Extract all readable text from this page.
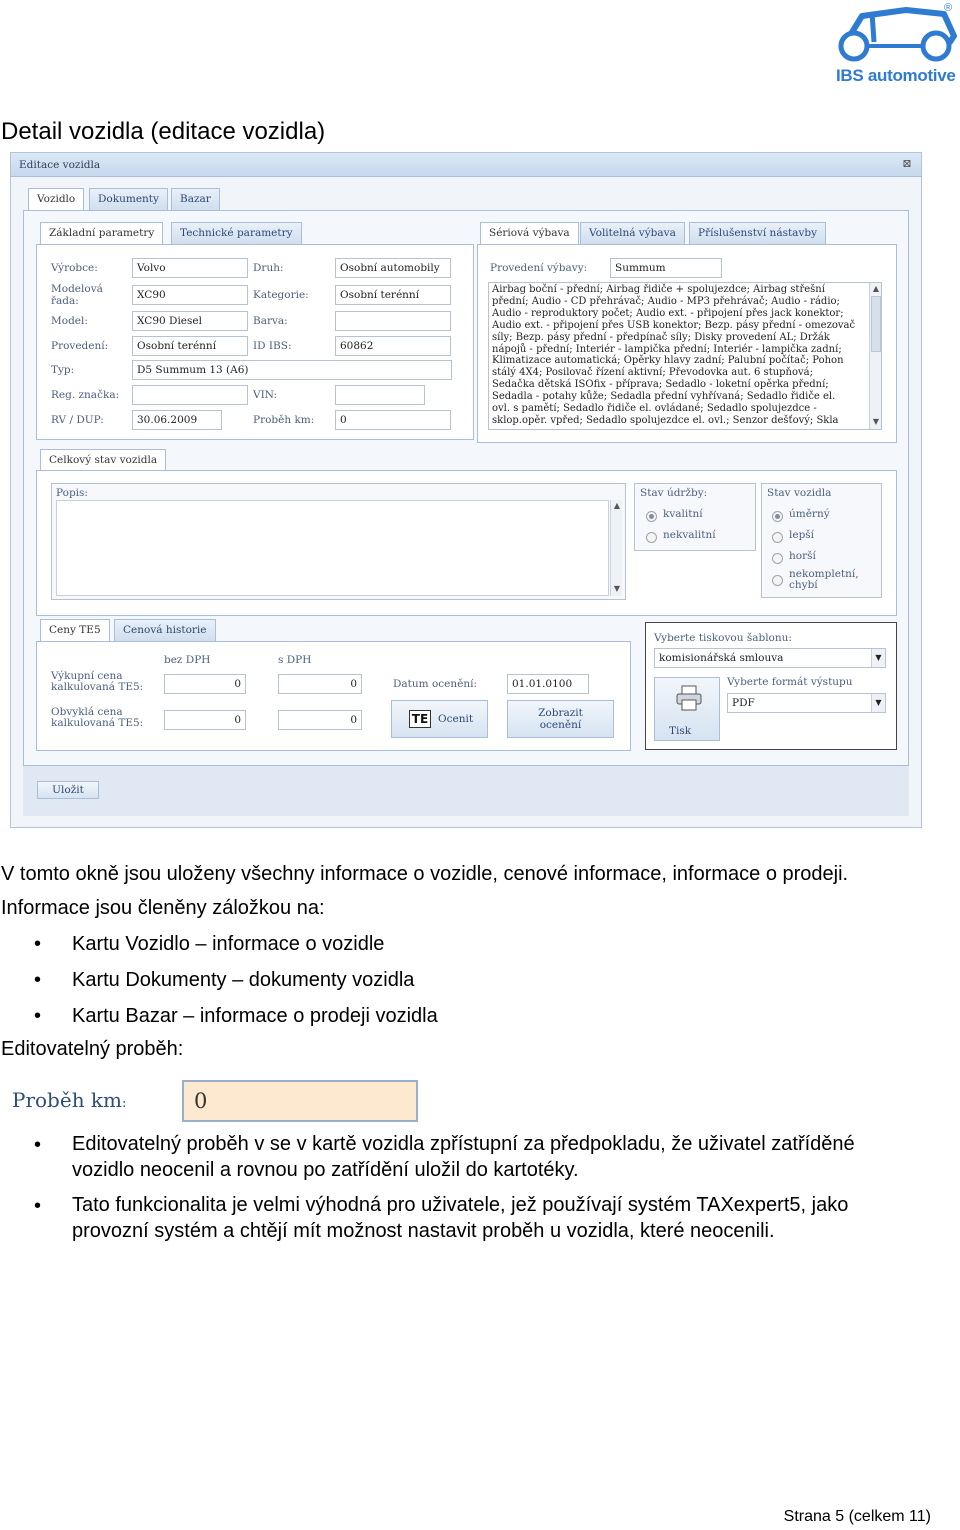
®
IBS automotive
Detail vozidla (editace vozidla)
Editace vozidla	⊠
Vozidlo	Dokumenty	Bazar
Základní parametry	Technické parametry
Výrobce:	Volvo
Modelová řada:	XC90
Model:	XC90 Diesel
Provedení:	Osobní terénní
Typ:	D5 Summum 13 (A6)
Reg. značka:
RV / DUP:	30.06.2009
Druh:	Osobní automobily
Kategorie:	Osobní terénní
Barva:
ID IBS:	60862
VIN:
Proběh km:	0
Sériová výbava	Volitelná výbava	Příslušenství nástavby
Provedení výbavy:	Summum
Airbag boční - přední; Airbag řidiče + spolujezdce; Airbag střešní
přední; Audio - CD přehrávač; Audio - MP3 přehrávač; Audio - rádio;
Audio - reproduktory počet; Audio ext. - připojení přes jack konektor;
Audio ext. - připojení přes USB konektor; Bezp. pásy přední - omezovač
síly; Bezp. pásy přední - předpínač síly; Disky provedení AL; Držák
nápojů - přední; Interiér - lampička přední; Interiér - lampička zadní;
Klimatizace automatická; Opěrky hlavy zadní; Palubní počítač; Pohon
stálý 4X4; Posilovač řízení aktivní; Převodovka aut. 6 stupňová;
Sedačka dětská ISOfix - příprava; Sedadlo - loketní opěrka přední;
Sedadla - potahy kůže; Sedadla přední vyhřívaná; Sedadlo řidiče el.
ovl. s pamětí; Sedadlo řidiče el. ovládané; Sedadlo spolujezdce -
sklop.opěr. vpřed; Sedadlo spolujezdce el. ovl.; Senzor dešťový; Skla
▲
▼
Celkový stav vozidla
Popis:
▲
▼
Stav údržby:
kvalitní
nekvalitní
Stav vozidla
úměrný
lepší
horší
nekompletní,
chybí
Ceny TE5	Cenová historie
bez DPH	s DPH
Výkupní cena
kalkulovaná TE5:	0	0
Obvyklá cena
kalkulovaná TE5:	0	0
Datum ocenění:	01.01.0100
TE Ocenit	Zobrazit
ocenění
Vyberte tiskovou šablonu:
komisionářská smlouva	▼
Tisk
Vyberte formát výstupu
PDF	▼
Uložit
V tomto okně jsou uloženy všechny informace o vozidle, cenové informace, informace o prodeji.
Informace jsou členěny záložkou na:
• Kartu Vozidlo – informace o vozidle
• Kartu Dokumenty – dokumenty vozidla
• Kartu Bazar – informace o prodeji vozidla
Editovatelný proběh:
Proběh km:	0
• Editovatelný proběh v se v kartě vozidla zpřístupní za předpokladu, že uživatel zatříděné
vozidlo neocenil a rovnou po zatřídění uložil do kartotéky.
• Tato funkcionalita je velmi výhodná pro uživatele, jež používají systém TAXexpert5, jako
provozní systém a chtějí mít možnost nastavit proběh u vozidla, které neocenili.
Strana 5 (celkem 11)
